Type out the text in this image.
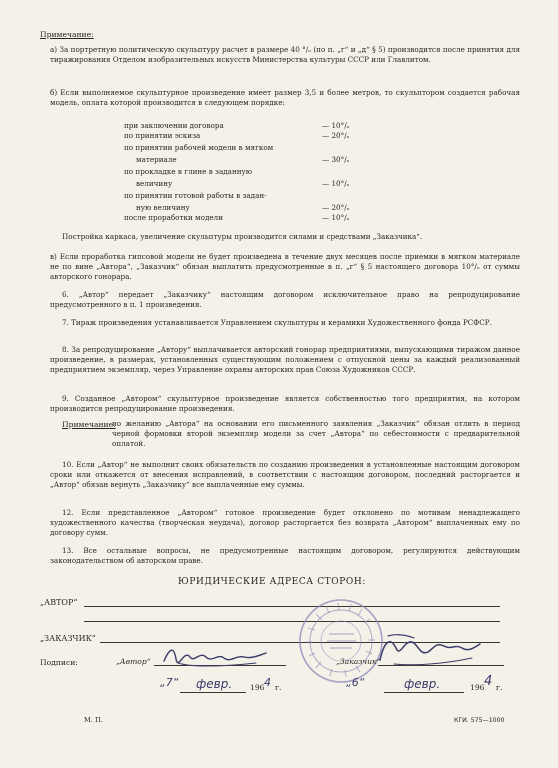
Примечание:
а) За портретную политическую скульптуру расчет в размере 40 °/ₒ (по п. „г“ и „д“ § 5) производится после принятия для тиражирования Отделом изобразительных искусств Министерства культуры СССР или Главлитом.
б) Если выполняемое скульптурное произведение имеет размер 3,5 и более метров, то скульптором создается рабочая модель, оплата которой производится в следующем порядке:
при заключении договора	— 10°/ₒ
по принятии эскиза	— 20°/ₒ
по принятии рабочей модели в мягком
материале	— 30°/ₒ
по прокладке в глине в заданную
величину	— 10°/ₒ
по принятии готовой работы в задан-
ную величину	— 20°/ₒ
после проработки модели	— 10°/ₒ
Постройка каркаса, увеличение скульптуры производится силами и средствами „Заказчика“.
в) Если проработка гипсовой модели не будет произведена в течение двух месяцев после приемки в мягком материале не по вине „Автора“, „Заказчик“ обязан выплатить предусмотренные в п. „г“ § 5 настоящего договора 10°/ₒ от суммы авторского гонорара.
6. „Автор“ передает „Заказчику“ настоящим договором исключительное право на репродуцирование предусмотренного в п. 1 произведения.
7. Тираж произведения устанавливается Управлением скульптуры и керамики Художественного фонда РСФСР.
8. За репродуцирование „Автору“ выплачивается авторский гонорар предприятиями, выпускающими тиражом данное произведение, в размерах, установленных существующим положением с отпускной цены за каждый реализованный предприятием экземпляр, через Управление охраны авторских прав Союза Художников СССР.
9. Созданное „Автором“ скульптурное произведение является собственностью того предприятия, на котором производится репродуцирование произведения.
Примечание:
по желанию „Автора“ на основании его письменного заявления „Заказчик“ обязан отлить в период черной формовки второй экземпляр модели за счет „Автора“ по себестоимости с предварительной оплатой.
10. Если „Автор“ не выполнит своих обязательств по созданию произведения в установленные настоящим договором сроки или откажется от внесения исправлений, в соответствии с настоящим договором, последний расторгается и „Автор“ обязан вернуть „Заказчику“ все выплаченные ему суммы.
12. Если представленное „Автором“ готовое произведение будет отклонено по мотивам ненадлежащего художественного качества (творческая неудача), договор расторгается без возврата „Автором“ выплаченных ему по договору сумм.
13. Все остальные вопросы, не предусмотренные настоящим договором, регулируются действующим законодательством об авторском праве.
ЮРИДИЧЕСКИЕ АДРЕСА СТОРОН:
„АВТОР“
„ЗАКАЗЧИК“
Подписи:	„Автор“	„Заказчик“
„7“ февр. 196 4 г.	„6“	февр.	196 4 г.
М. П.	КГИ. 575—1000
